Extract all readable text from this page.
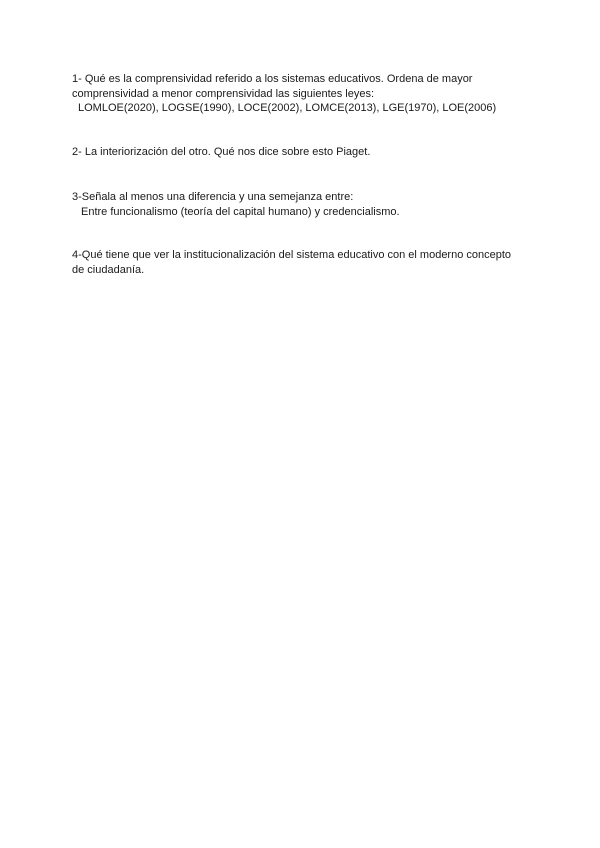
1- Qué es la comprensividad referido a los sistemas educativos. Ordena de mayor

comprensividad a menor comprensividad las siguientes leyes:

LOMLOE(2020), LOGSE(1990), LOCE(2002), LOMCE(2013), LGE(1970), LOE(2006)

2- La interiorización del otro. Qué nos dice sobre esto Piaget.

3-Señala al menos una diferencia y una semejanza entre:

Entre funcionalismo (teoría del capital humano) y credencialismo.

4-Qué tiene que ver la institucionalización del sistema educativo con el moderno concepto

de ciudadanía.
